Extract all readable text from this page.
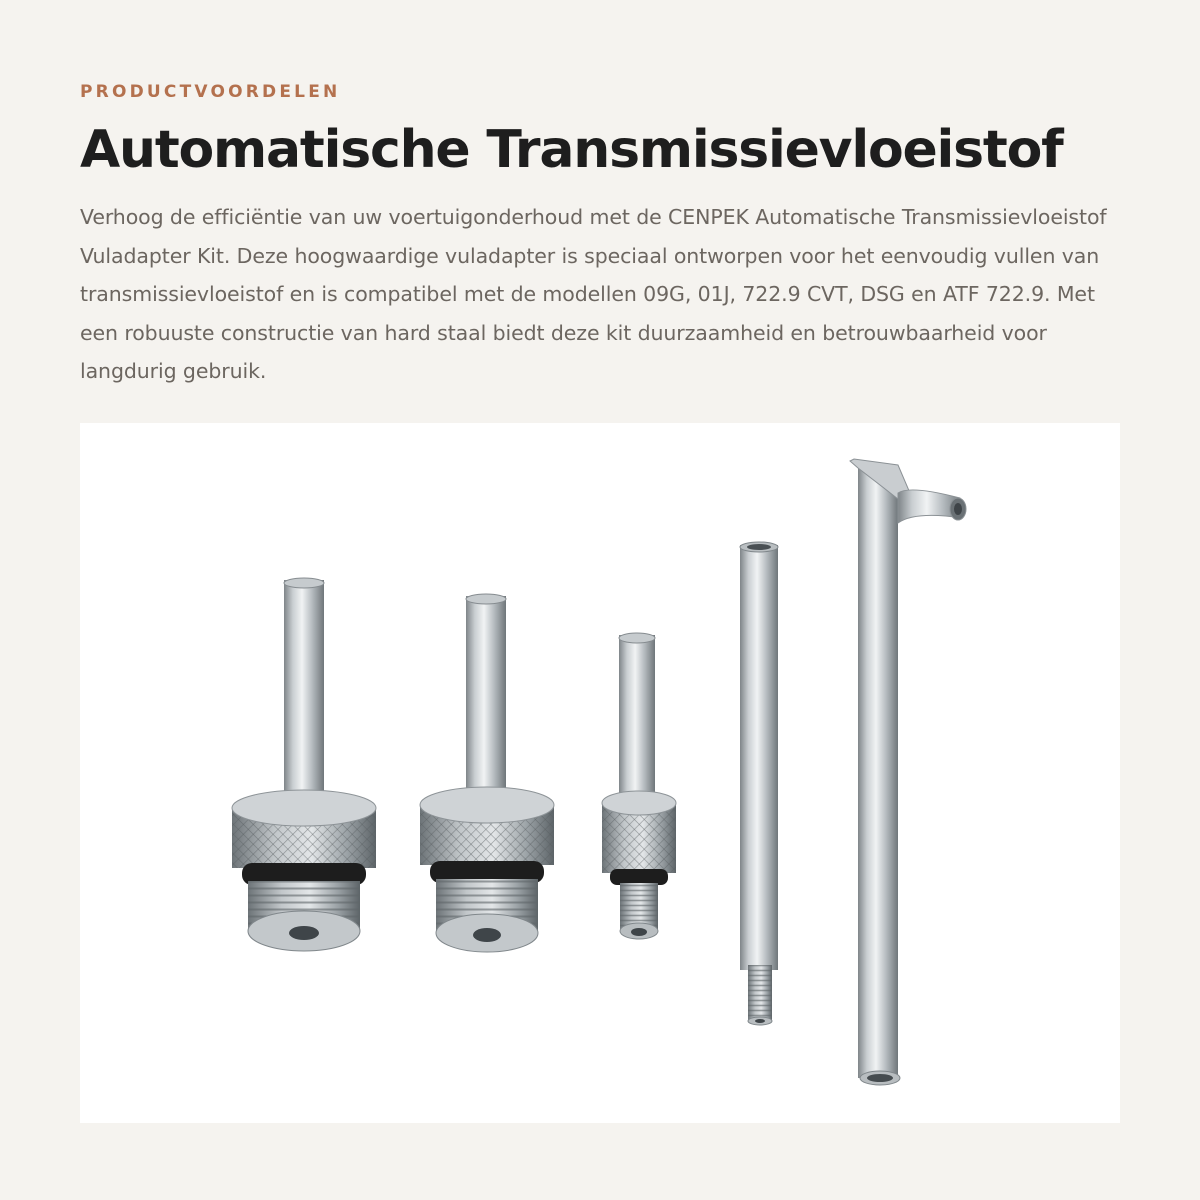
PRODUCTVOORDELEN
Automatische Transmissievloeistof

Verhoog de efficiëntie van uw voertuigonderhoud met de CENPEK Automatische Transmissievloeistof Vuladapter Kit. Deze hoogwaardige vuladapter is speciaal ontworpen voor het eenvoudig vullen van transmissievloeistof en is compatibel met de modellen 09G, 01J, 722.9 CVT, DSG en ATF 722.9. Met een robuuste constructie van hard staal biedt deze kit duurzaamheid en betrouwbaarheid voor langdurig gebruik.
